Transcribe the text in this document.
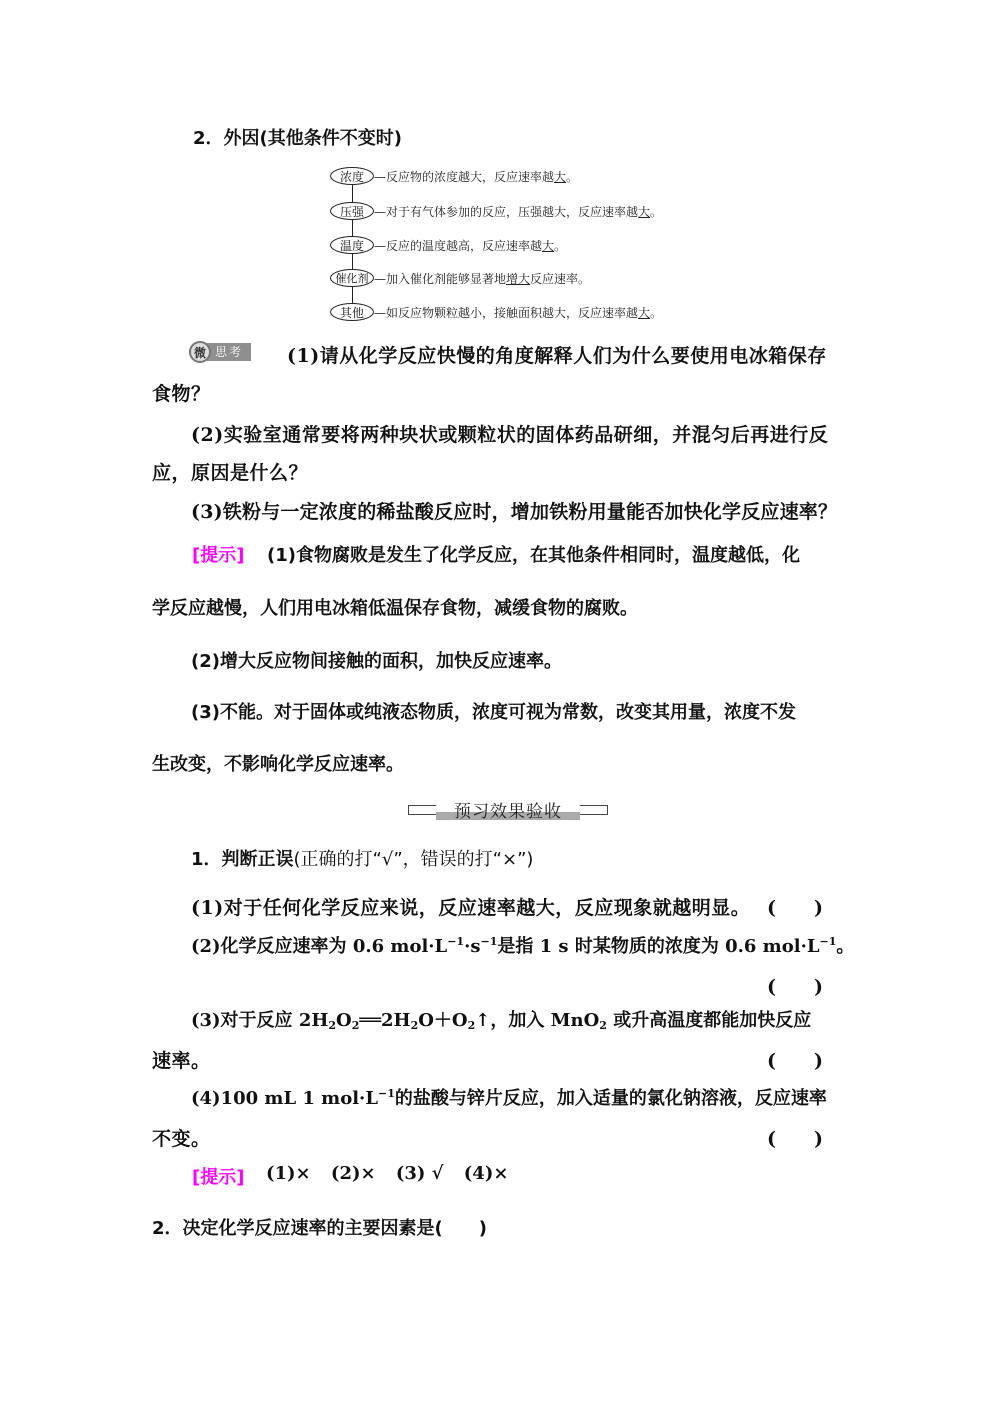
2．外因(其他条件不变时)
浓度 —反应物的浓度越大，反应速率越大。
压强 —对于有气体参加的反应，压强越大，反应速率越大。
温度 —反应的温度越高，反应速率越大。
催化剂 —加入催化剂能够显著地增大反应速率。
其他 —如反应物颗粒越小，接触面积越大，反应速率越大。
微 思考	(1)请从化学反应快慢的角度解释人们为什么要使用电冰箱保存
食物？
(2)实验室通常要将两种块状或颗粒状的固体药品研细，并混匀后再进行反
应，原因是什么？
(3)铁粉与一定浓度的稀盐酸反应时，增加铁粉用量能否加快化学反应速率？
[提示] (1)食物腐败是发生了化学反应，在其他条件相同时，温度越低，化
学反应越慢，人们用电冰箱低温保存食物，减缓食物的腐败。
(2)增大反应物间接触的面积，加快反应速率。
(3)不能。对于固体或纯液态物质，浓度可视为常数，改变其用量，浓度不发
生改变，不影响化学反应速率。
预习效果验收
1．判断正误(正确的打“√”，错误的打“×”)
(1)对于任何化学反应来说，反应速率越大，反应现象就越明显。 (　　)
(2)化学反应速率为 0.6 $mol\cdot L^{-1}\cdot s^{-1}$是指 1 s 时某物质的浓度为 0.6 $mol\cdot L^{-1}$。
(　　)
(3)对于反应 $2H_2O_2══2H_2O+O_2↑$，加入 MnO$_2$ 或升高温度都能加快反应
速率。	(　　)
(4)100 mL 1 $mol\cdot L^{-1}$的盐酸与锌片反应，加入适量的氯化钠溶液，反应速率
不变。	(　　)
[提示] (1)× (2)× (3) √ (4)×
2．决定化学反应速率的主要因素是(　　)
